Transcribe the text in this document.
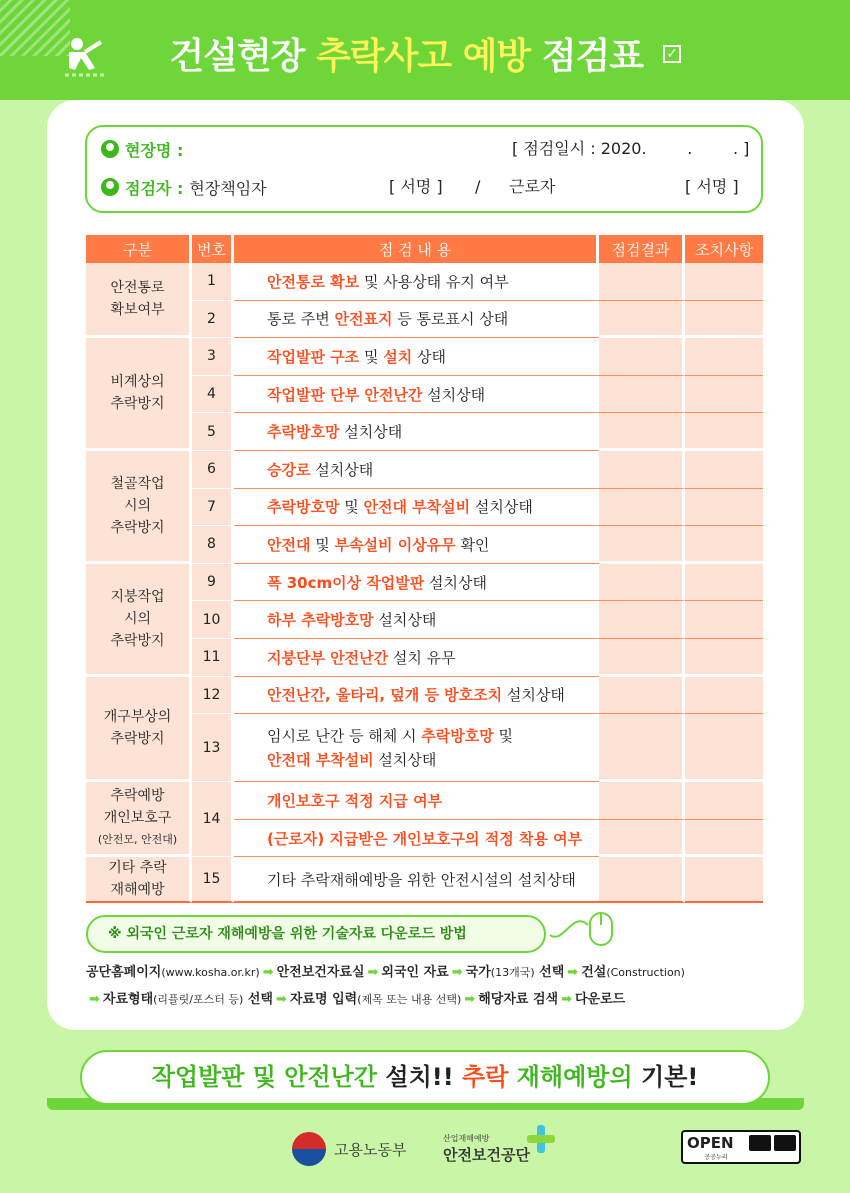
건설현장 추락사고 예방 점검표 ✓
현장명 :	[ 점검일시 : 2020.        .        . ]
점검자 : 현장책임자	[ 서명 ] / 근로자	[ 서명 ]
구분	번호	점 검 내 용	점검결과	조치사항

안전통로
확보여부	1	안전통로 확보 및 사용상태 유지 여부		
	2	통로 주변 안전표지 등 통로표시 상태		

비계상의
추락방지	3	작업발판 구조 및 설치 상태		
	4	작업발판 단부 안전난간 설치상태		
	5	추락방호망 설치상태		

철골작업
시의
추락방지	6	승강로 설치상태		
	7	추락방호망 및 안전대 부착설비 설치상태		
	8	안전대 및 부속설비 이상유무 확인		

지붕작업
시의
추락방지	9	폭 30cm이상 작업발판 설치상태		
	10	하부 추락방호망 설치상태		
	11	지붕단부 안전난간 설치 유무		

개구부상의
추락방지	12	안전난간, 울타리, 덮개 등 방호조치 설치상태		
	13	임시로 난간 등 해체 시 추락방호망 및
안전대 부착설비 설치상태		

추락예방
개인보호구
(안전모, 안전대)	14	개인보호구 적정 지급 여부		
		(근로자) 지급받은 개인보호구의 적정 착용 여부		

기타 추락
재해예방	15	기타 추락재해예방을 위한 안전시설의 설치상태		
※ 외국인 근로자 재해예방을 위한 기술자료 다운로드 방법
공단홈페이지(www.kosha.or.kr) ➡ 안전보건자료실 ➡ 외국인 자료 ➡ 국가(13개국) 선택 ➡ 건설(Construction)
➡ 자료형태(리플릿/포스터 등) 선택 ➡ 자료명 입력(제목 또는 내용 선택) ➡ 해당자료 검색 ➡ 다운로드
작업발판 및 안전난간 설치!! 추락 재해예방의 기본!
고용노동부
산업재해예방
안전보건공단
OPEN
공공누리
